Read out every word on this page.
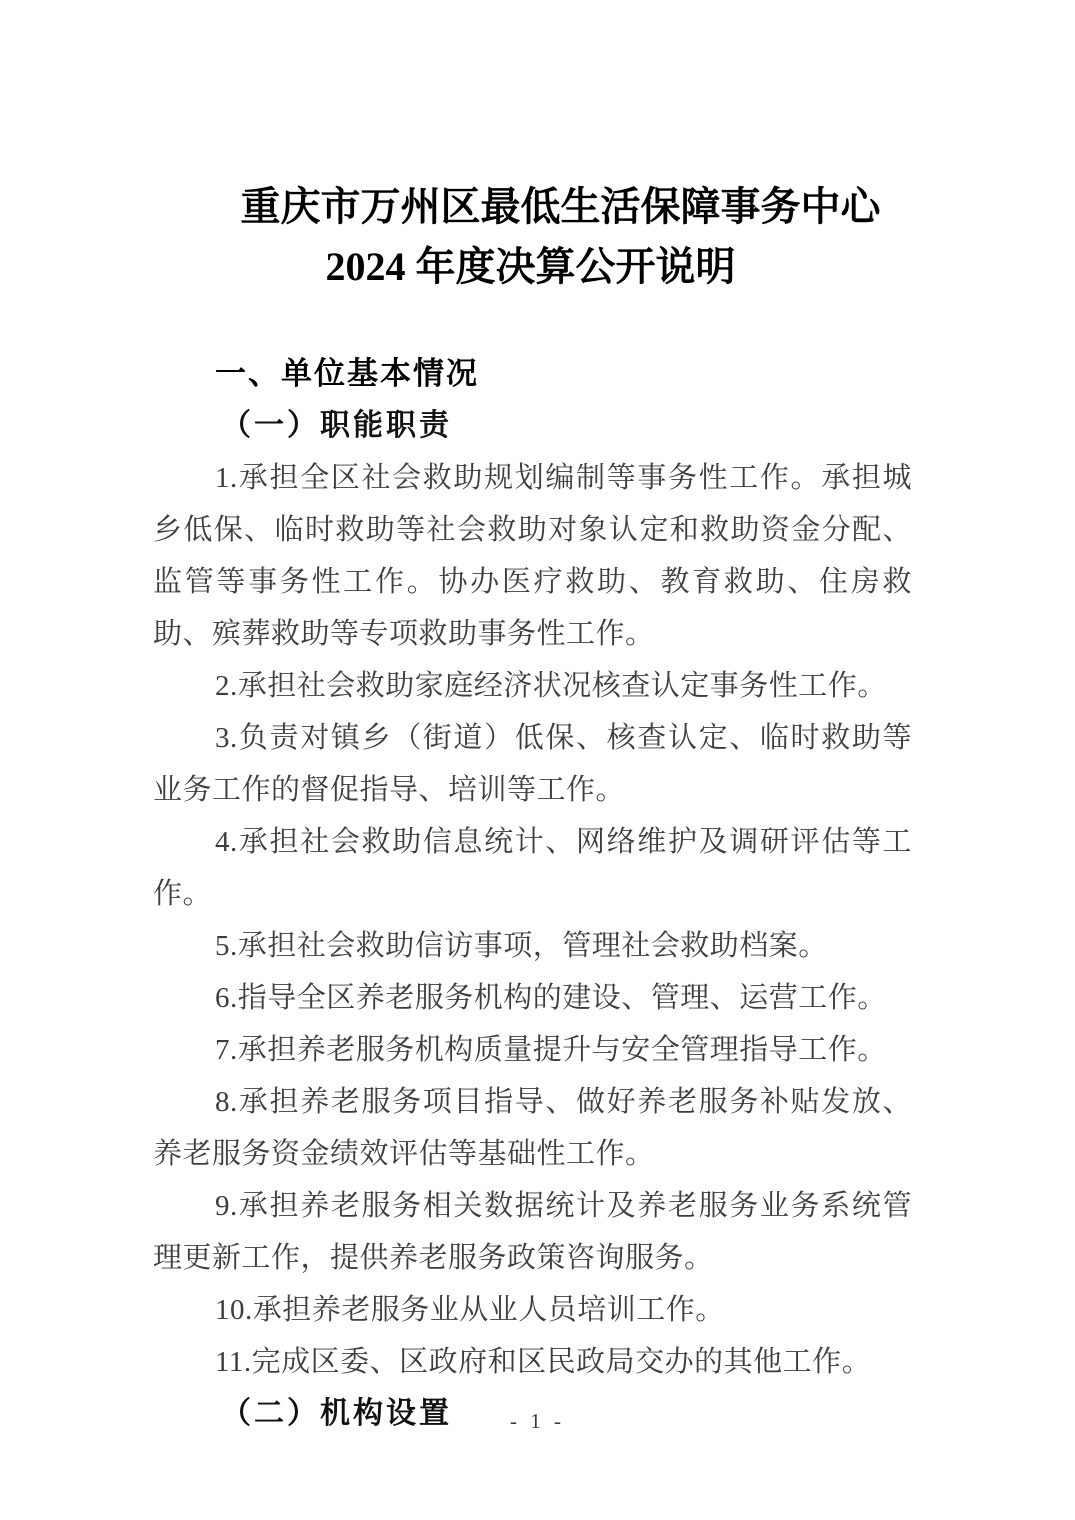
重庆市万州区最低生活保障事务中心
2024 年度决算公开说明
一、单位基本情况
（一）职能职责

1.承担全区社会救助规划编制等事务性工作。承担城乡低保、临时救助等社会救助对象认定和救助资金分配、监管等事务性工作。协办医疗救助、教育救助、住房救助、殡葬救助等专项救助事务性工作。

2.承担社会救助家庭经济状况核查认定事务性工作。

3.负责对镇乡（街道）低保、核查认定、临时救助等业务工作的督促指导、培训等工作。

4.承担社会救助信息统计、网络维护及调研评估等工作。

5.承担社会救助信访事项，管理社会救助档案。

6.指导全区养老服务机构的建设、管理、运营工作。

7.承担养老服务机构质量提升与安全管理指导工作。

8.承担养老服务项目指导、做好养老服务补贴发放、养老服务资金绩效评估等基础性工作。

9.承担养老服务相关数据统计及养老服务业务系统管理更新工作，提供养老服务政策咨询服务。

10.承担养老服务业从业人员培训工作。

11.完成区委、区政府和区民政局交办的其他工作。

（二）机构设置	- 1 -
